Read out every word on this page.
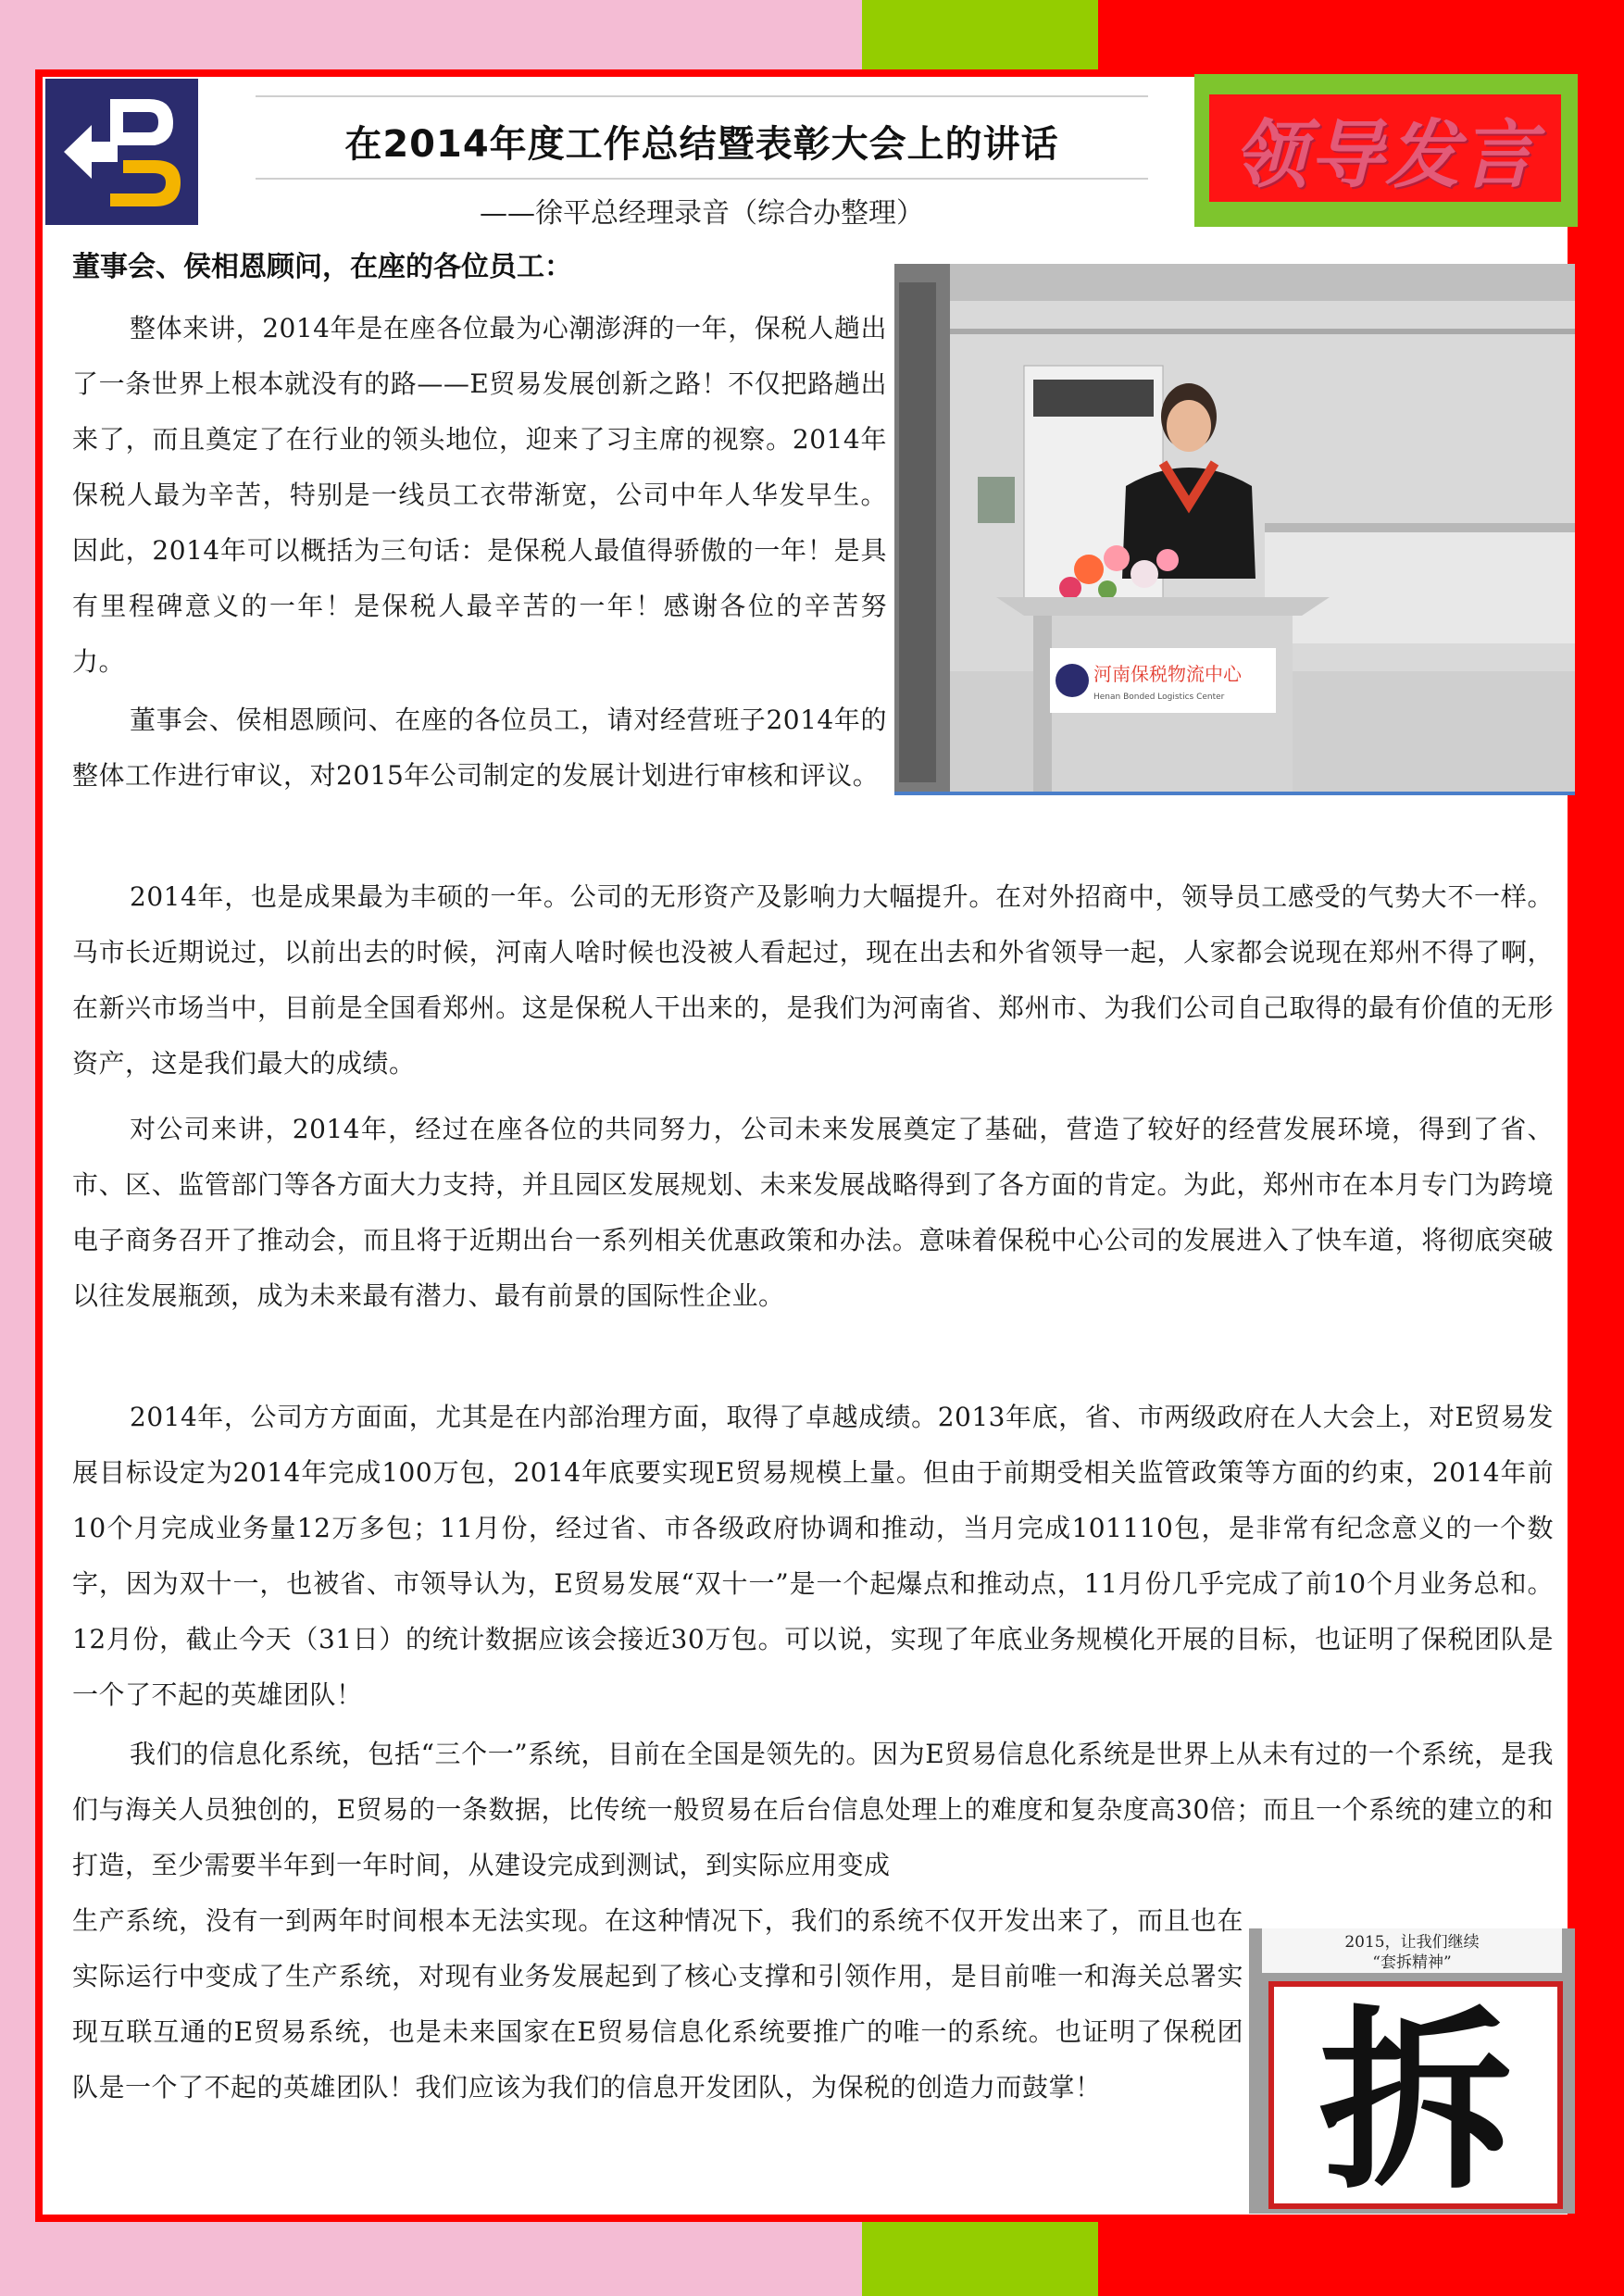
在2014年度工作总结暨表彰大会上的讲话
——徐平总经理录音（综合办整理）
领导发言
董事会、侯相恩顾问，在座的各位员工：
整体来讲，2014年是在座各位最为心潮澎湃的一年，保税人趟出了一条世界上根本就没有的路——E贸易发展创新之路！不仅把路趟出来了，而且奠定了在行业的领头地位，迎来了习主席的视察。2014年保税人最为辛苦，特别是一线员工衣带渐宽，公司中年人华发早生。因此，2014年可以概括为三句话：是保税人最值得骄傲的一年！是具有里程碑意义的一年！是保税人最辛苦的一年！感谢各位的辛苦努力。
董事会、侯相恩顾问、在座的各位员工，请对经营班子2014年的整体工作进行审议，对2015年公司制定的发展计划进行审核和评议。
2014年，也是成果最为丰硕的一年。公司的无形资产及影响力大幅提升。在对外招商中，领导员工感受的气势大不一样。马市长近期说过，以前出去的时候，河南人啥时候也没被人看起过，现在出去和外省领导一起，人家都会说现在郑州不得了啊，在新兴市场当中，目前是全国看郑州。这是保税人干出来的，是我们为河南省、郑州市、为我们公司自己取得的最有价值的无形资产，这是我们最大的成绩。
对公司来讲，2014年，经过在座各位的共同努力，公司未来发展奠定了基础，营造了较好的经营发展环境，得到了省、市、区、监管部门等各方面大力支持，并且园区发展规划、未来发展战略得到了各方面的肯定。为此，郑州市在本月专门为跨境电子商务召开了推动会，而且将于近期出台一系列相关优惠政策和办法。意味着保税中心公司的发展进入了快车道，将彻底突破以往发展瓶颈，成为未来最有潜力、最有前景的国际性企业。
2014年，公司方方面面，尤其是在内部治理方面，取得了卓越成绩。2013年底，省、市两级政府在人大会上，对E贸易发展目标设定为2014年完成100万包，2014年底要实现E贸易规模上量。但由于前期受相关监管政策等方面的约束，2014年前10个月完成业务量12万多包；11月份，经过省、市各级政府协调和推动，当月完成101110包，是非常有纪念意义的一个数字，因为双十一，也被省、市领导认为，E贸易发展“双十一”是一个起爆点和推动点，11月份几乎完成了前10个月业务总和。12月份，截止今天（31日）的统计数据应该会接近30万包。可以说，实现了年底业务规模化开展的目标，也证明了保税团队是一个了不起的英雄团队！
我们的信息化系统，包括“三个一”系统，目前在全国是领先的。因为E贸易信息化系统是世界上从未有过的一个系统，是我们与海关人员独创的，E贸易的一条数据，比传统一般贸易在后台信息处理上的难度和复杂度高30倍；而且一个系统的建立的和打造，至少需要半年到一年时间，从建设完成到测试，到实际应用变成
生产系统，没有一到两年时间根本无法实现。在这种情况下，我们的系统不仅开发出来了，而且也在实际运行中变成了生产系统，对现有业务发展起到了核心支撑和引领作用，是目前唯一和海关总署实现互联互通的E贸易系统，也是未来国家在E贸易信息化系统要推广的唯一的系统。也证明了保税团队是一个了不起的英雄团队！我们应该为我们的信息开发团队，为保税的创造力而鼓掌！
河南保税物流中心
Henan Bonded Logistics Center
2015，让我们继续
“套拆精神”
拆
